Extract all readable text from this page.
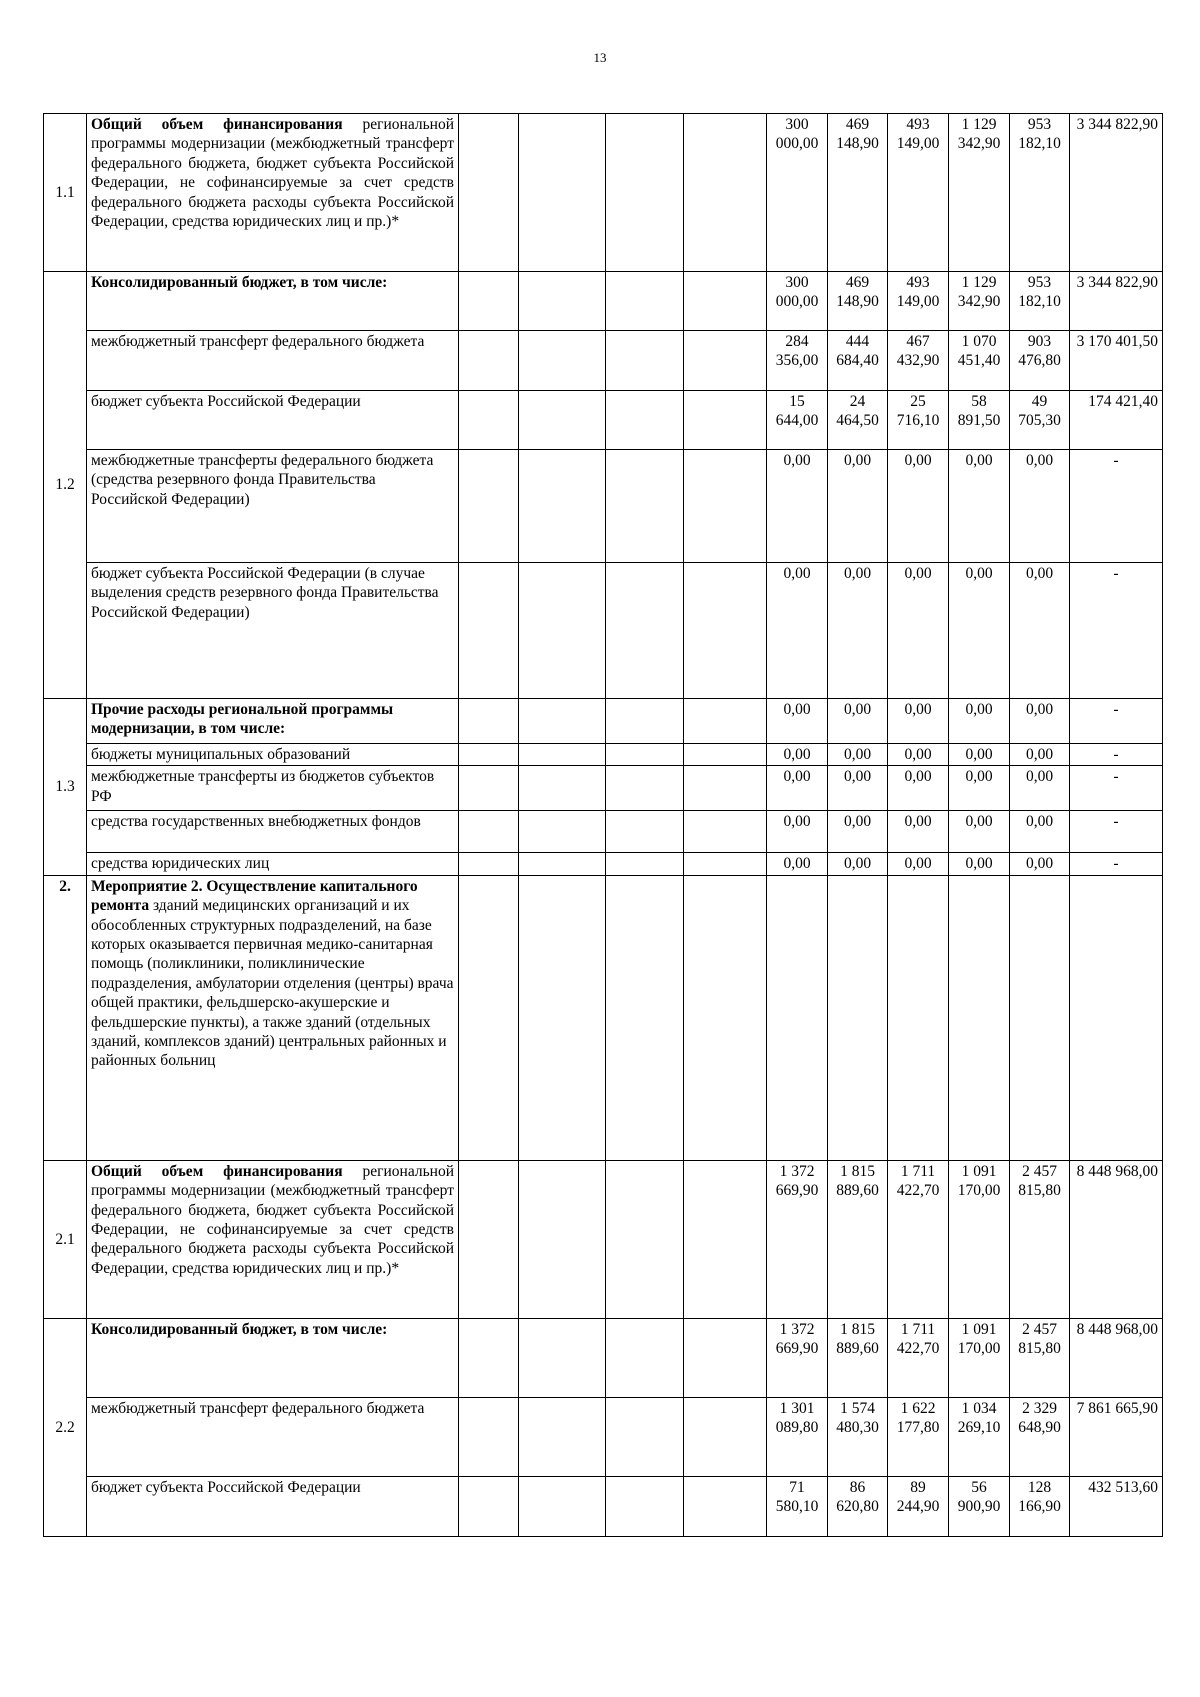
13
1.1	Общий объем финансирования региональной программы модернизации (межбюджетный трансферт федерального бюджета, бюджет субъекта Российской Федерации, не софинансируемые за счет средств федерального бюджета расходы субъекта Российской Федерации, средства юридических лиц и пр.)*					300 000,00	469 148,90	493 149,00	1 129 342,90	953 182,10	3 344 822,90
1.2	Консолидированный бюджет, в том числе:					300 000,00	469 148,90	493 149,00	1 129 342,90	953 182,10	3 344 822,90
	межбюджетный трансферт федерального бюджета					284 356,00	444 684,40	467 432,90	1 070 451,40	903 476,80	3 170 401,50
	бюджет субъекта Российской Федерации					15 644,00	24 464,50	25 716,10	58 891,50	49 705,30	174 421,40
	межбюджетные трансферты федерального бюджета (средства резервного фонда Правительства Российской Федерации)					0,00	0,00	0,00	0,00	0,00	-
	бюджет субъекта Российской Федерации (в случае выделения средств резервного фонда Правительства Российской Федерации)					0,00	0,00	0,00	0,00	0,00	-
1.3	Прочие расходы региональной программы модернизации, в том числе:					0,00	0,00	0,00	0,00	0,00	-
	бюджеты муниципальных образований					0,00	0,00	0,00	0,00	0,00	-
	межбюджетные трансферты из бюджетов субъектов РФ					0,00	0,00	0,00	0,00	0,00	-
	средства государственных внебюджетных фондов					0,00	0,00	0,00	0,00	0,00	-
	средства юридических лиц					0,00	0,00	0,00	0,00	0,00	-
2.	Мероприятие 2. Осуществление капитального ремонта зданий медицинских организаций и их обособленных структурных подразделений, на базе которых оказывается первичная медико-санитарная помощь (поликлиники, поликлинические подразделения, амбулатории отделения (центры) врача общей практики, фельдшерско-акушерские и фельдшерские пункты), а также зданий (отдельных зданий, комплексов зданий) центральных районных и районных больниц										
2.1	Общий объем финансирования региональной программы модернизации (межбюджетный трансферт федерального бюджета, бюджет субъекта Российской Федерации, не софинансируемые за счет средств федерального бюджета расходы субъекта Российской Федерации, средства юридических лиц и пр.)*					1 372 669,90	1 815 889,60	1 711 422,70	1 091 170,00	2 457 815,80	8 448 968,00
2.2	Консолидированный бюджет, в том числе:					1 372 669,90	1 815 889,60	1 711 422,70	1 091 170,00	2 457 815,80	8 448 968,00
	межбюджетный трансферт федерального бюджета					1 301 089,80	1 574 480,30	1 622 177,80	1 034 269,10	2 329 648,90	7 861 665,90
	бюджет субъекта Российской Федерации					71 580,10	86 620,80	89 244,90	56 900,90	128 166,90	432 513,60
